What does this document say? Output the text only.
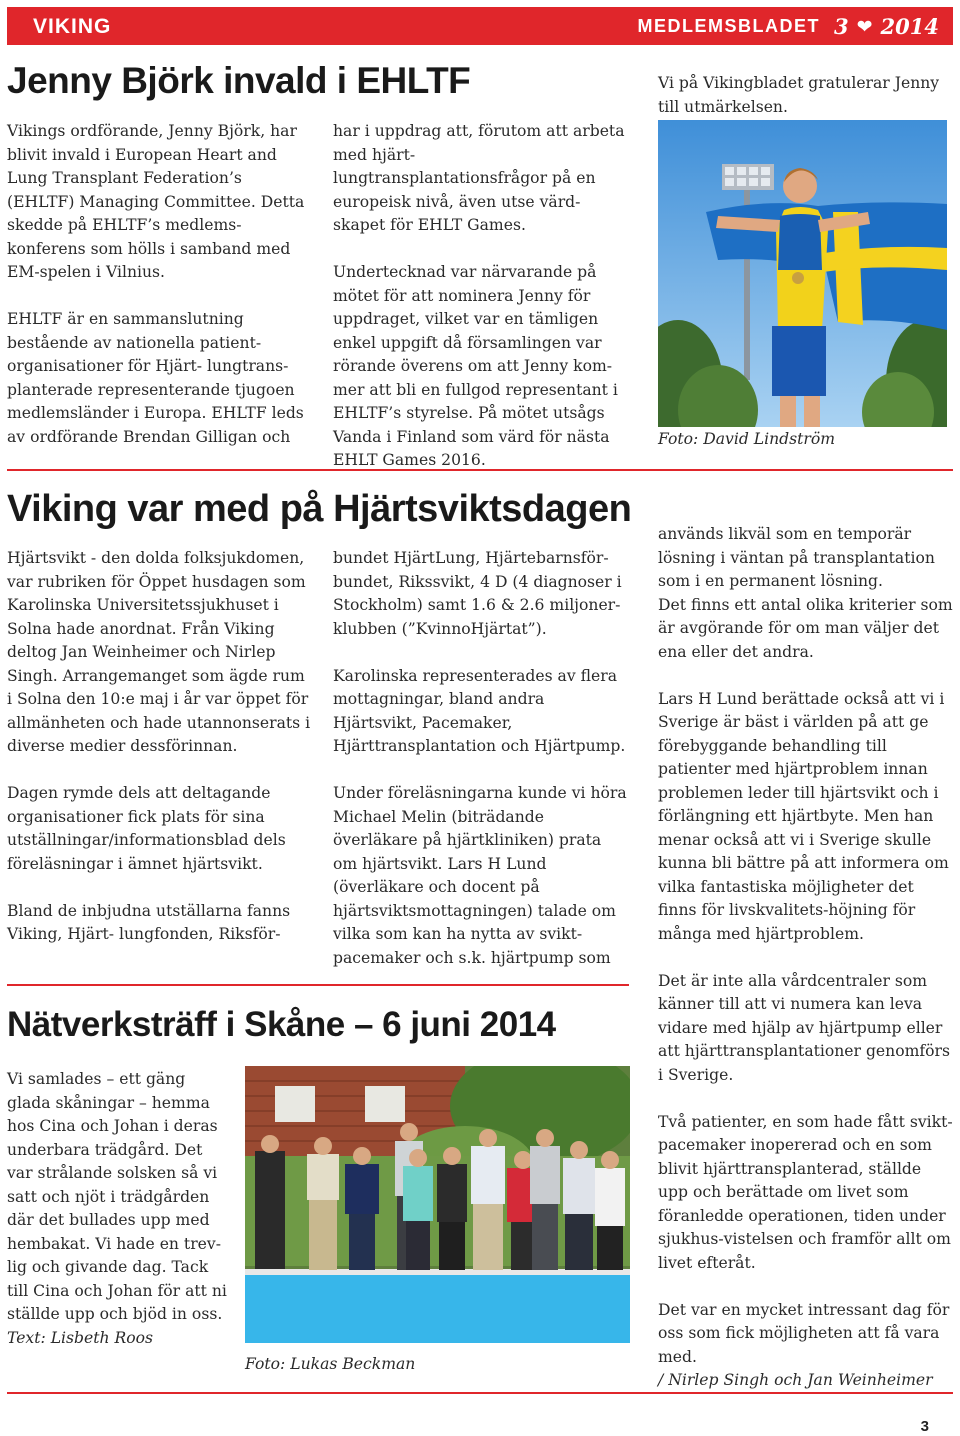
VIKING	MEDLEMSBLADET 3 ❤ 2014
Jenny Björk invald i EHLTF

Vikings ordförande, Jenny Björk, har blivit invald i European Heart and Lung Transplant Federation’s (EHLTF) Managing Committee. Detta skedde på EHLTF’s medlems-konferens som hölls i samband med EM-spelen i Vilnius.

EHLTF är en sammanslutning bestående av nationella patient-organisationer för Hjärt- lungtrans-planterade representerande tjugoen medlemsländer i Europa. EHLTF leds av ordförande Brendan Gilligan och

har i uppdrag att, förutom att arbeta med hjärt- lungtransplantationsfrågor på en europeisk nivå, även utse värd-skapet för EHLT Games.

Undertecknad var närvarande på mötet för att nominera Jenny för uppdraget, vilket var en tämligen enkel uppgift då församlingen var rörande överens om att Jenny kom-mer att bli en fullgod representant i EHLTF’s styrelse. På mötet utsågs Vanda i Finland som värd för nästa EHLT Games 2016.

Vi på Vikingbladet gratulerar Jenny till utmärkelsen.

Foto: David Lindström
Viking var med på Hjärtsviktsdagen

Hjärtsvikt - den dolda folksjukdomen, var rubriken för Öppet husdagen som Karolinska Universitetssjukhuset i Solna hade anordnat. Från Viking deltog Jan Weinheimer och Nirlep Singh. Arrangemanget som ägde rum i Solna den 10:e maj i år var öppet för allmänheten och hade utannonserats i diverse medier dessförinnan.

Dagen rymde dels att deltagande organisationer fick plats för sina utställningar/informationsblad dels föreläsningar i ämnet hjärtsvikt.

Bland de inbjudna utställarna fanns Viking, Hjärt- lungfonden, Riksför-

bundet HjärtLung, Hjärtebarnsför-bundet, Rikssvikt, 4 D (4 diagnoser i Stockholm) samt 1.6 & 2.6 miljoner-klubben (”KvinnoHjärtat”).

Karolinska representerades av flera mottagningar, bland andra Hjärtsvikt, Pacemaker, Hjärttransplantation och Hjärtpump.

Under föreläsningarna kunde vi höra Michael Melin (biträdande överläkare på hjärtkliniken) prata om hjärtsvikt. Lars H Lund (överläkare och docent på hjärtsviktsmottagningen) talade om vilka som kan ha nytta av svikt-pacemaker och s.k. hjärtpump som

används likväl som en temporär lösning i väntan på transplantation som i en permanent lösning.

Det finns ett antal olika kriterier som är avgörande för om man väljer det ena eller det andra.

Lars H Lund berättade också att vi i Sverige är bäst i världen på att ge förebyggande behandling till patienter med hjärtproblem innan problemen leder till hjärtsvikt och i förlängning ett hjärtbyte. Men han menar också att vi i Sverige skulle kunna bli bättre på att informera om vilka fantastiska möjligheter det finns för livskvalitets-höjning för många med hjärtproblem.

Det är inte alla vårdcentraler som känner till att vi numera kan leva vidare med hjälp av hjärtpump eller att hjärttransplantationer genomförs i Sverige.

Två patienter, en som hade fått svikt-pacemaker inopererad och en som blivit hjärttransplanterad, ställde upp och berättade om livet som föranledde operationen, tiden under sjukhus-vistelsen och framför allt om livet efteråt.

Det var en mycket intressant dag för oss som fick möjligheten att få vara med.

/ Nirlep Singh och Jan Weinheimer

Nätverksträff i Skåne – 6 juni 2014

Vi samlades – ett gäng glada skåningar – hemma hos Cina och Johan i deras underbara trädgård. Det var strålande solsken så vi satt och njöt i trädgården där det bullades upp med hembakat. Vi hade en trev-lig och givande dag. Tack till Cina och Johan för att ni ställde upp och bjöd in oss.

Text: Lisbeth Roos

Foto: Lukas Beckman
3
